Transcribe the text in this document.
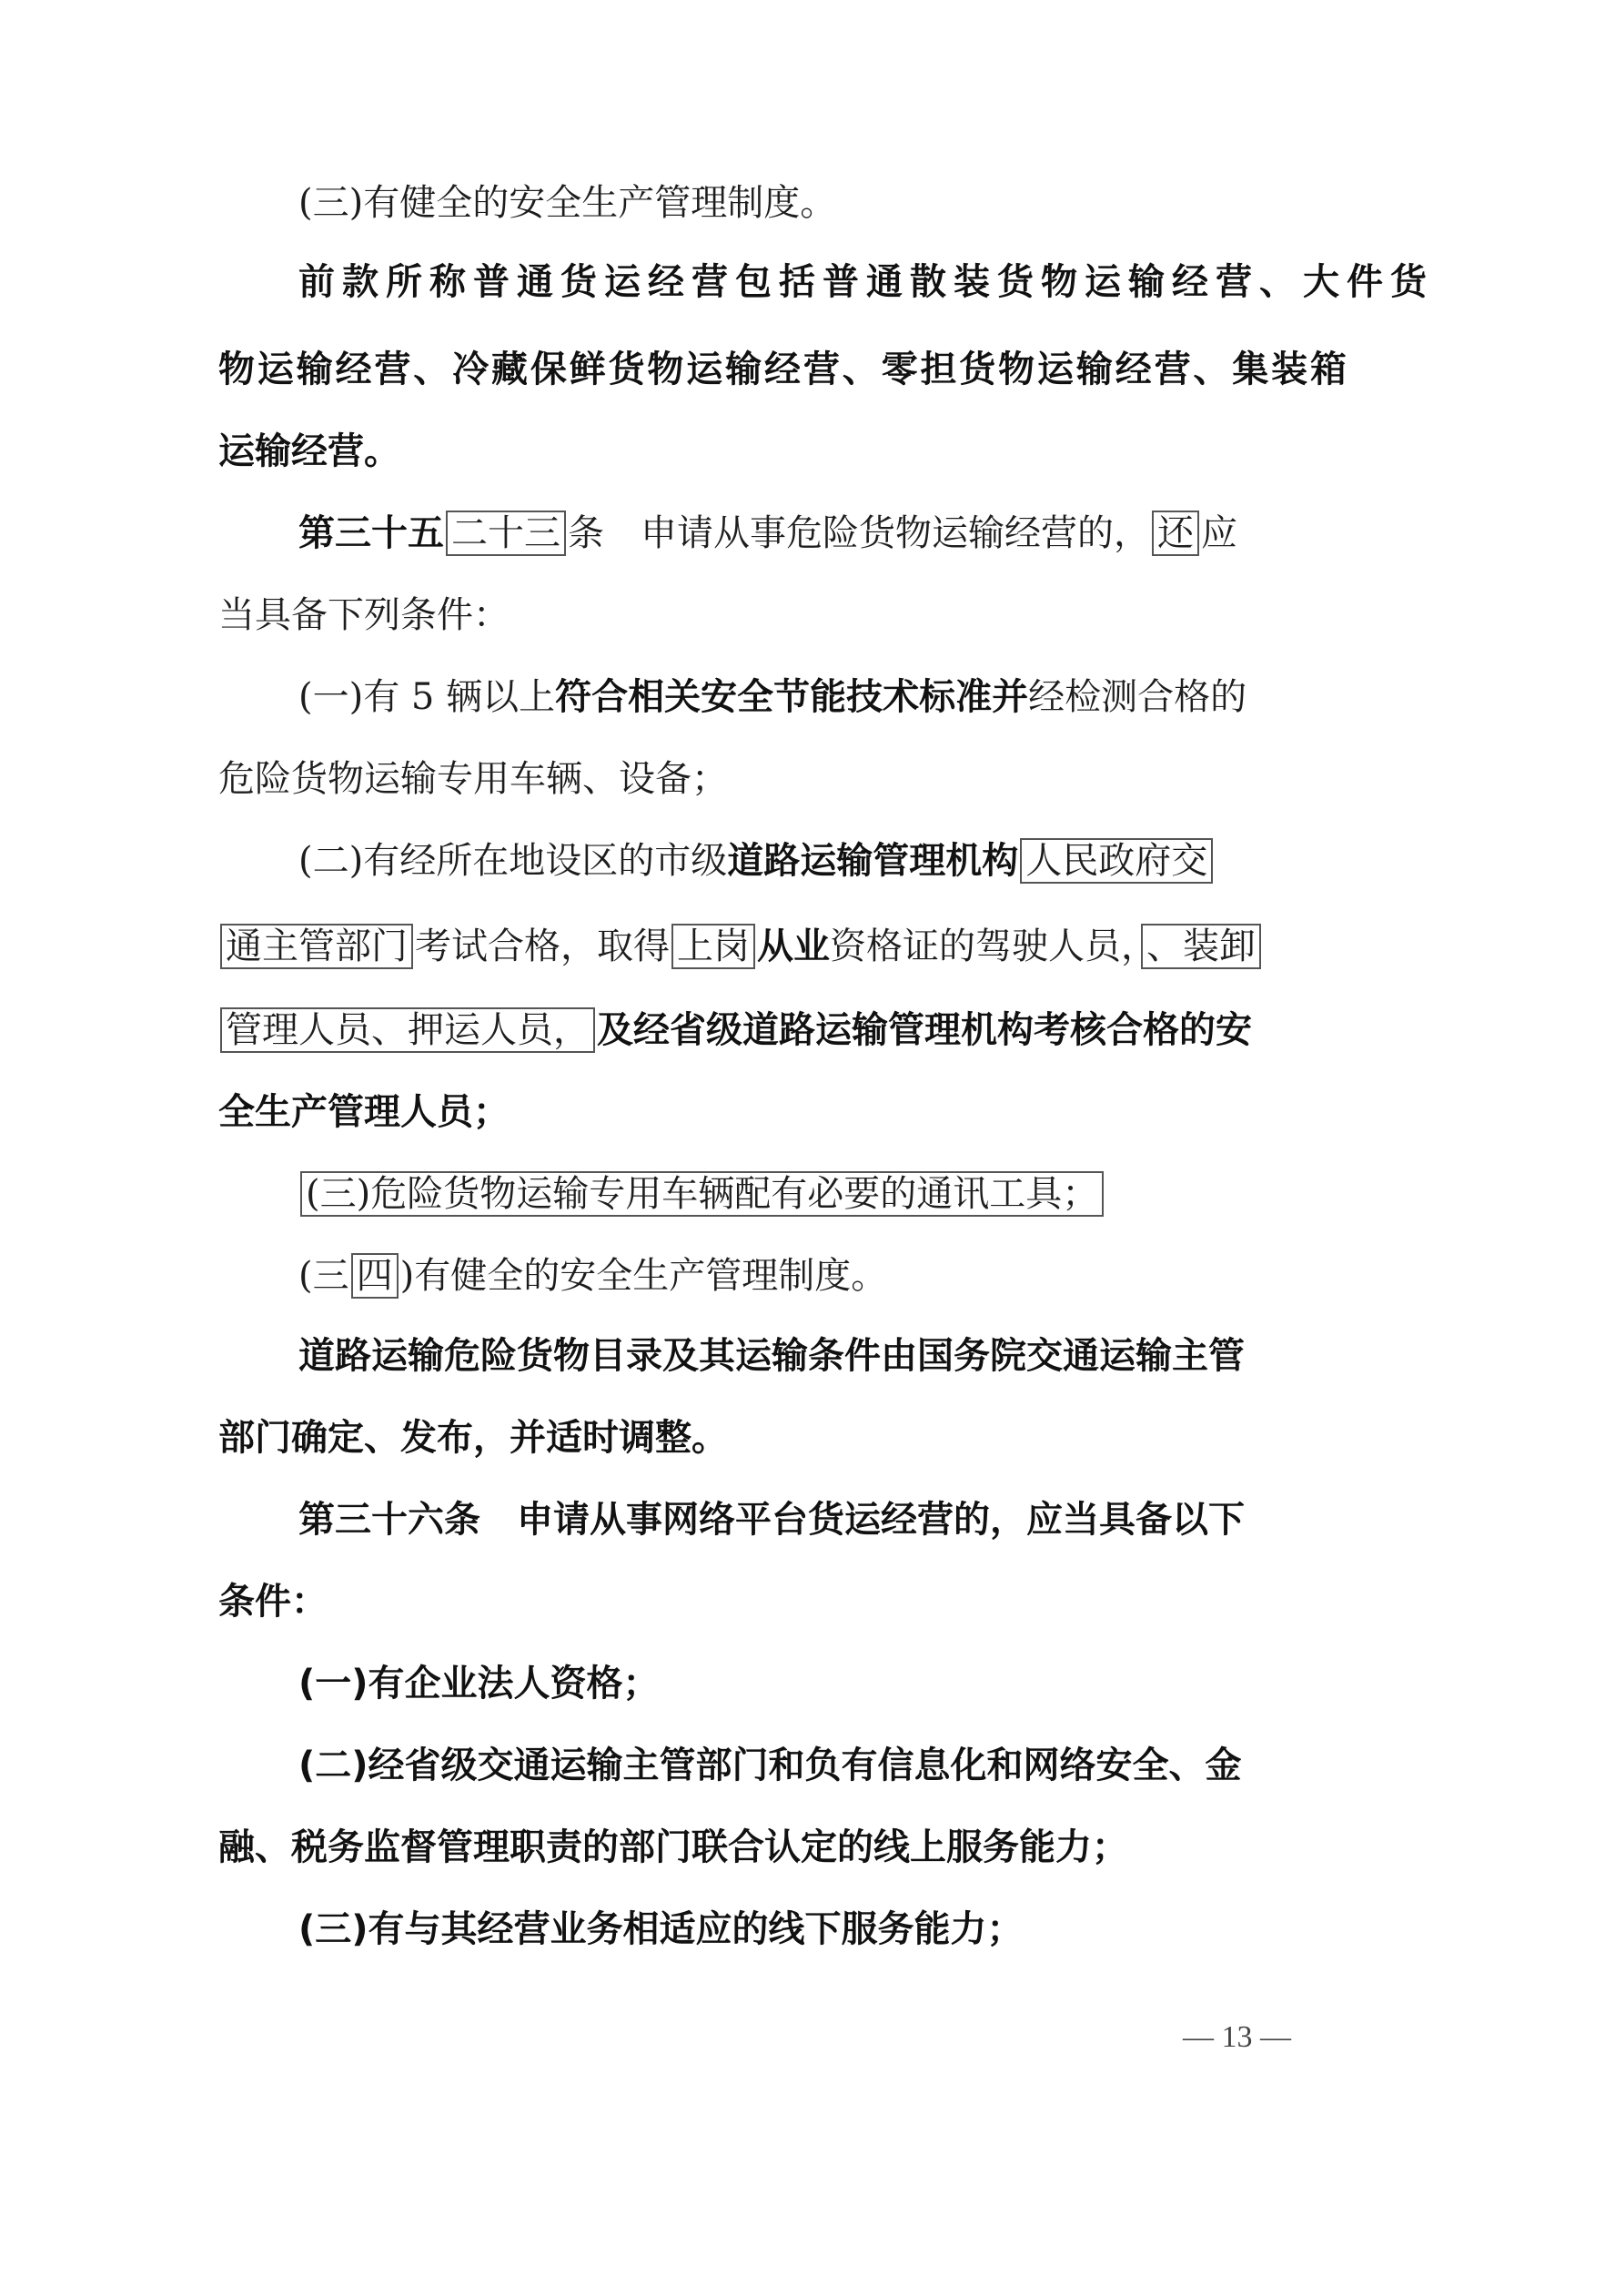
(三)有健全的安全生产管理制度。
前款所称普通货运经营包括普通散装货物运输经营、大件货
物运输经营、冷藏保鲜货物运输经营、零担货物运输经营、集装箱
运输经营。
第三十五 二十三 条　申请从事危险货物运输经营的， 还 应
当具备下列条件：
(一)有 5 辆以上符合相关安全节能技术标准并经检测合格的
危险货物运输专用车辆、设备；
(二)有经所在地设区的市级道路运输管理机构 人民政府交
通主管部门 考试合格，取得 上岗 从业资格证的驾驶人员， 、装卸
管理人员、押运人员， 及经省级道路运输管理机构考核合格的安
全生产管理人员；
(三)危险货物运输专用车辆配有必要的通讯工具；
(三 四 )有健全的安全生产管理制度。
道路运输危险货物目录及其运输条件由国务院交通运输主管
部门确定、发布，并适时调整。
第三十六条　申请从事网络平台货运经营的，应当具备以下
条件：
(一)有企业法人资格；
(二)经省级交通运输主管部门和负有信息化和网络安全、金
融、税务监督管理职责的部门联合认定的线上服务能力；
(三)有与其经营业务相适应的线下服务能力；
— 13 —
